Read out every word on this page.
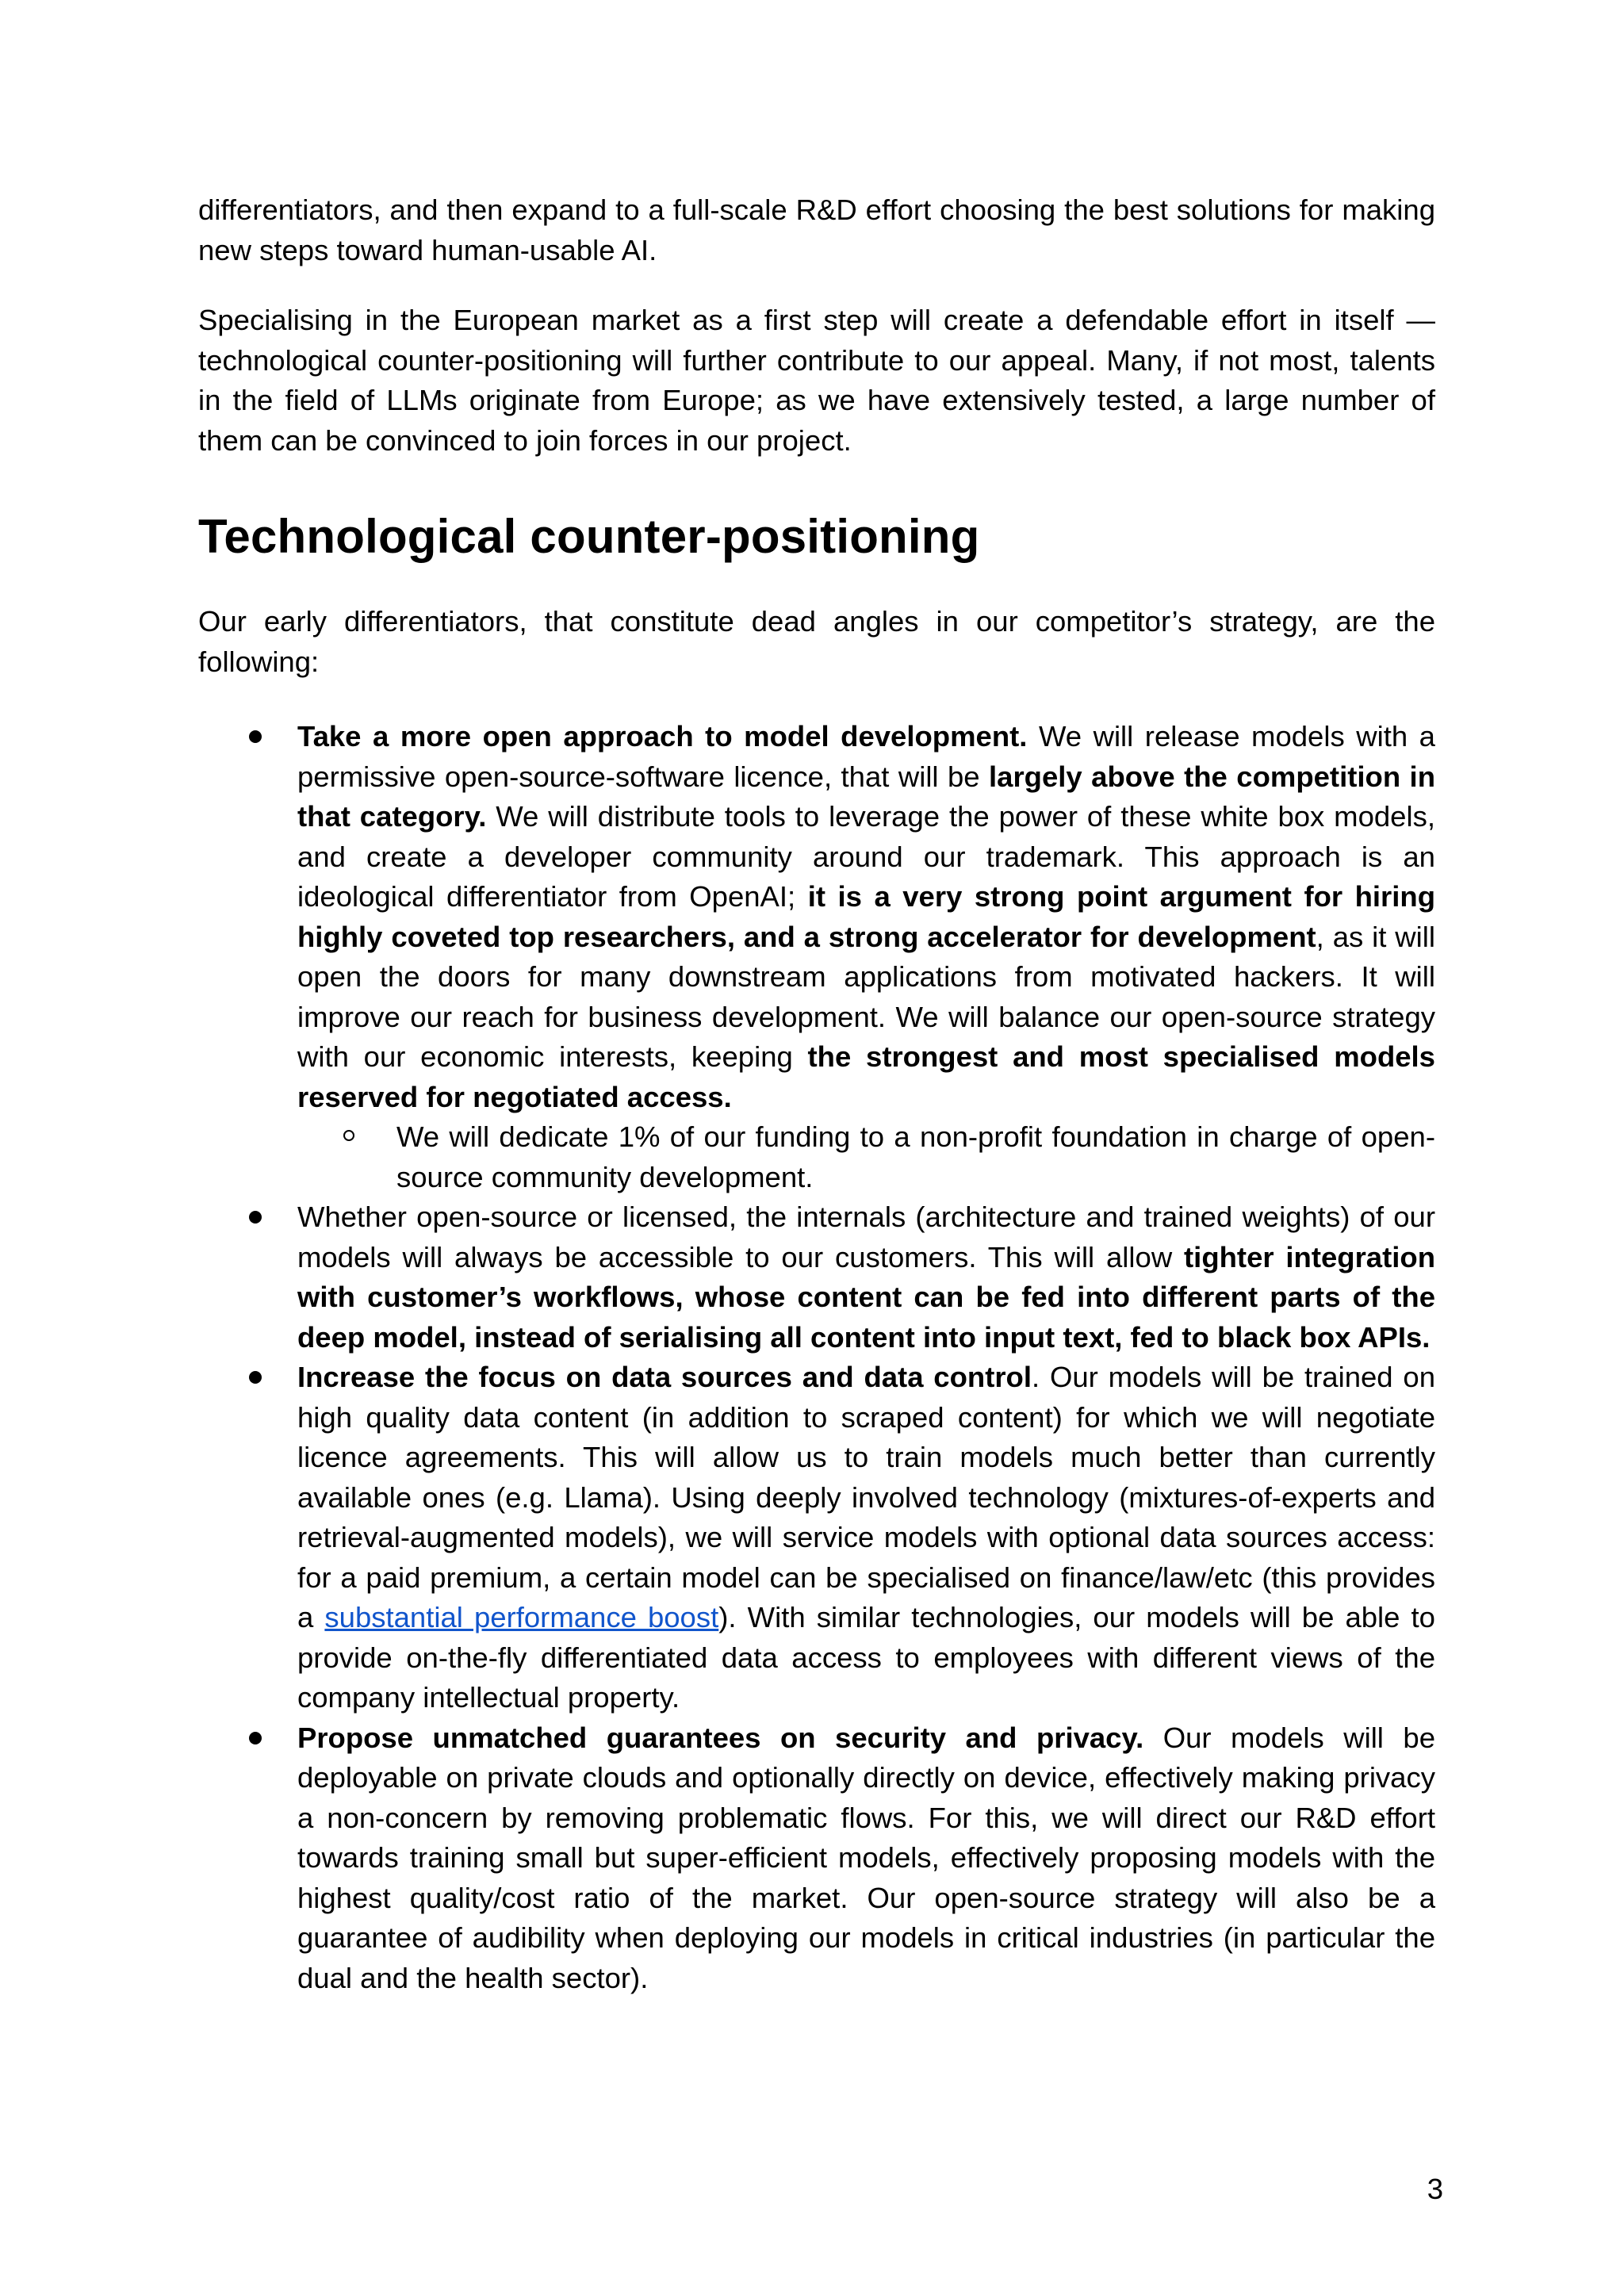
differentiators, and then expand to a full-scale R&D effort choosing the best solutions for making new steps toward human-usable AI.

Specialising in the European market as a first step will create a defendable effort in itself — technological counter-positioning will further contribute to our appeal. Many, if not most, talents in the field of LLMs originate from Europe; as we have extensively tested, a large number of them can be convinced to join forces in our project.

Technological counter-positioning

Our early differentiators, that constitute dead angles in our competitor’s strategy, are the following:

Take a more open approach to model development. We will release models with a permissive open-source-software licence, that will be largely above the competition in that category. We will distribute tools to leverage the power of these white box models, and create a developer community around our trademark. This approach is an ideological differentiator from OpenAI; it is a very strong point argument for hiring highly coveted top researchers, and a strong accelerator for development, as it will open the doors for many downstream applications from motivated hackers. It will improve our reach for business development. We will balance our open-source strategy with our economic interests, keeping the strongest and most specialised models reserved for negotiated access.

We will dedicate 1% of our funding to a non-profit foundation in charge of open-source community development.

Whether open-source or licensed, the internals (architecture and trained weights) of our models will always be accessible to our customers. This will allow tighter integration with customer’s workflows, whose content can be fed into different parts of the deep model, instead of serialising all content into input text, fed to black box APIs.

Increase the focus on data sources and data control. Our models will be trained on high quality data content (in addition to scraped content) for which we will negotiate licence agreements. This will allow us to train models much better than currently available ones (e.g. Llama). Using deeply involved technology (mixtures-of-experts and retrieval-augmented models), we will service models with optional data sources access: for a paid premium, a certain model can be specialised on finance/law/etc (this provides a substantial performance boost). With similar technologies, our models will be able to provide on-the-fly differentiated data access to employees with different views of the company intellectual property.

Propose unmatched guarantees on security and privacy. Our models will be deployable on private clouds and optionally directly on device, effectively making privacy a non-concern by removing problematic flows. For this, we will direct our R&D effort towards training small but super-efficient models, effectively proposing models with the highest quality/cost ratio of the market. Our open-source strategy will also be a guarantee of audibility when deploying our models in critical industries (in particular the dual and the health sector).

3
